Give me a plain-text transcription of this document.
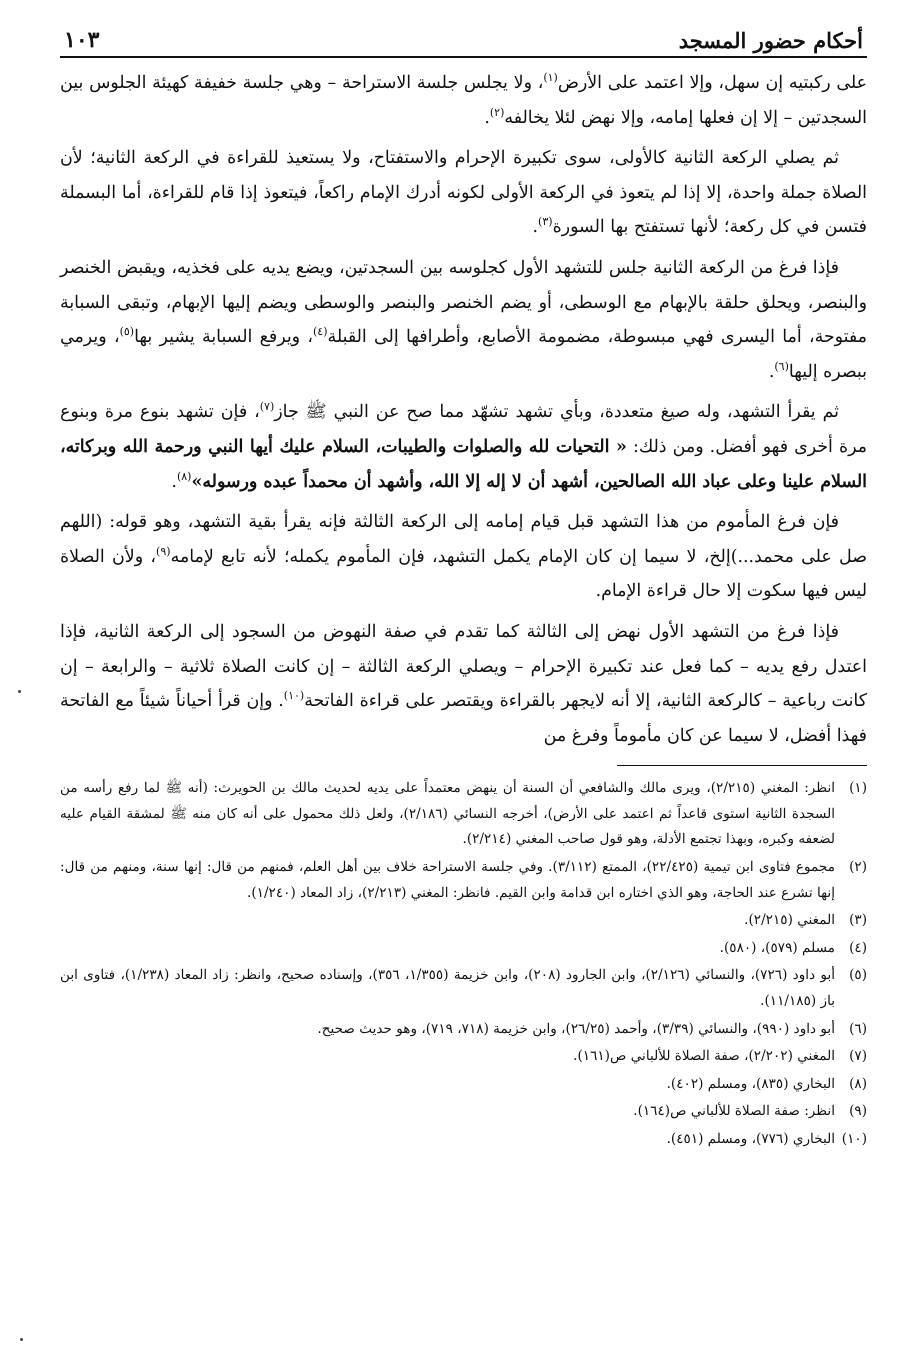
أحكام حضور المسجد
١٠٣

على ركبتيه إن سهل، وإلا اعتمد على الأرض$^{(١)}$، ولا يجلس جلسة الاستراحة – وهي جلسة خفيفة كهيئة الجلوس بين السجدتين – إلا إن فعلها إمامه، وإلا نهض لئلا يخالفه$^{(٢)}$.

ثم يصلي الركعة الثانية كالأولى، سوى تكبيرة الإحرام والاستفتاح، ولا يستعيذ للقراءة في الركعة الثانية؛ لأن الصلاة جملة واحدة، إلا إذا لم يتعوذ في الركعة الأولى لكونه أدرك الإمام راكعاً، فيتعوذ إذا قام للقراءة، أما البسملة فتسن في كل ركعة؛ لأنها تستفتح بها السورة$^{(٣)}$.

فإذا فرغ من الركعة الثانية جلس للتشهد الأول كجلوسه بين السجدتين، ويضع يديه على فخذيه، ويقبض الخنصر والبنصر، ويحلق حلقة بالإبهام مع الوسطى، أو يضم الخنصر والبنصر والوسطى ويضم إليها الإبهام، وتبقى السبابة مفتوحة، أما اليسرى فهي مبسوطة، مضمومة الأصابع، وأطرافها إلى القبلة$^{(٤)}$، ويرفع السبابة يشير بها$^{(٥)}$، ويرمي ببصره إليها$^{(٦)}$.

ثم يقرأ التشهد، وله صيغ متعددة، وبأي تشهد تشهّد مما صح عن النبي ﷺ جاز$^{(٧)}$، فإن تشهد بنوع مرة وبنوع مرة أخرى فهو أفضل. ومن ذلك: « التحيات لله والصلوات والطيبات، السلام عليك أيها النبي ورحمة الله وبركاته، السلام علينا وعلى عباد الله الصالحين، أشهد أن لا إله إلا الله، وأشهد أن محمداً عبده ورسوله»$^{(٨)}$.

فإن فرغ المأموم من هذا التشهد قبل قيام إمامه إلى الركعة الثالثة فإنه يقرأ بقية التشهد، وهو قوله: (اللهم صل على محمد...)إلخ، لا سيما إن كان الإمام يكمل التشهد، فإن المأموم يكمله؛ لأنه تابع لإمامه$^{(٩)}$، ولأن الصلاة ليس فيها سكوت إلا حال قراءة الإمام.

فإذا فرغ من التشهد الأول نهض إلى الثالثة كما تقدم في صفة النهوض من السجود إلى الركعة الثانية، فإذا اعتدل رفع يديه – كما فعل عند تكبيرة الإحرام – ويصلي الركعة الثالثة – إن كانت الصلاة ثلاثية – والرابعة – إن كانت رباعية – كالركعة الثانية، إلا أنه لايجهر بالقراءة ويقتصر على قراءة الفاتحة$^{(١٠)}$. وإن قرأ أحياناً شيئاً مع الفاتحة فهذا أفضل، لا سيما عن كان مأموماً وفرغ من

(١)
انظر: المغني (٢/٢١٥)، ويرى مالك والشافعي أن السنة أن ينهض معتمداً على يديه لحديث مالك بن الحويرث: (أنه ﷺ لما رفع رأسه من السجدة الثانية استوى قاعداً ثم اعتمد على الأرض)، أخرجه النسائي (٢/١٨٦)، ولعل ذلك محمول على أنه كان منه ﷺ لمشقة القيام عليه لضعفه وكبره، وبهذا تجتمع الأدلة، وهو قول صاحب المغني (٢/٢١٤).
(٢)
مجموع فتاوى ابن تيمية (٢٢/٤٢٥)، الممتع (٣/١١٢). وفي جلسة الاستراحة خلاف بين أهل العلم، فمنهم من قال: إنها سنة، ومنهم من قال: إنها تشرع عند الحاجة، وهو الذي اختاره ابن قدامة وابن القيم. فانظر: المغني (٢/٢١٣)، زاد المعاد (١/٢٤٠).
(٣)
المغني (٢/٢١٥).
(٤)
مسلم (٥٧٩)، (٥٨٠).
(٥)
أبو داود (٧٢٦)، والنسائي (٢/١٢٦)، وابن الجارود (٢٠٨)، وابن خزيمة (١/٣٥٥، ٣٥٦)، وإسناده صحيح، وانظر: زاد المعاد (١/٢٣٨)، فتاوى ابن باز (١١/١٨٥).
(٦)
أبو داود (٩٩٠)، والنسائي (٣/٣٩)، وأحمد (٢٦/٢٥)، وابن خزيمة (٧١٨، ٧١٩)، وهو حديث صحيح.
(٧)
المغني (٢/٢٠٢)، صفة الصلاة للألباني ص(١٦١).
(٨)
البخاري (٨٣٥)، ومسلم (٤٠٢).
(٩)
انظر: صفة الصلاة للألباني ص(١٦٤).
(١٠)
البخاري (٧٧٦)، ومسلم (٤٥١).
